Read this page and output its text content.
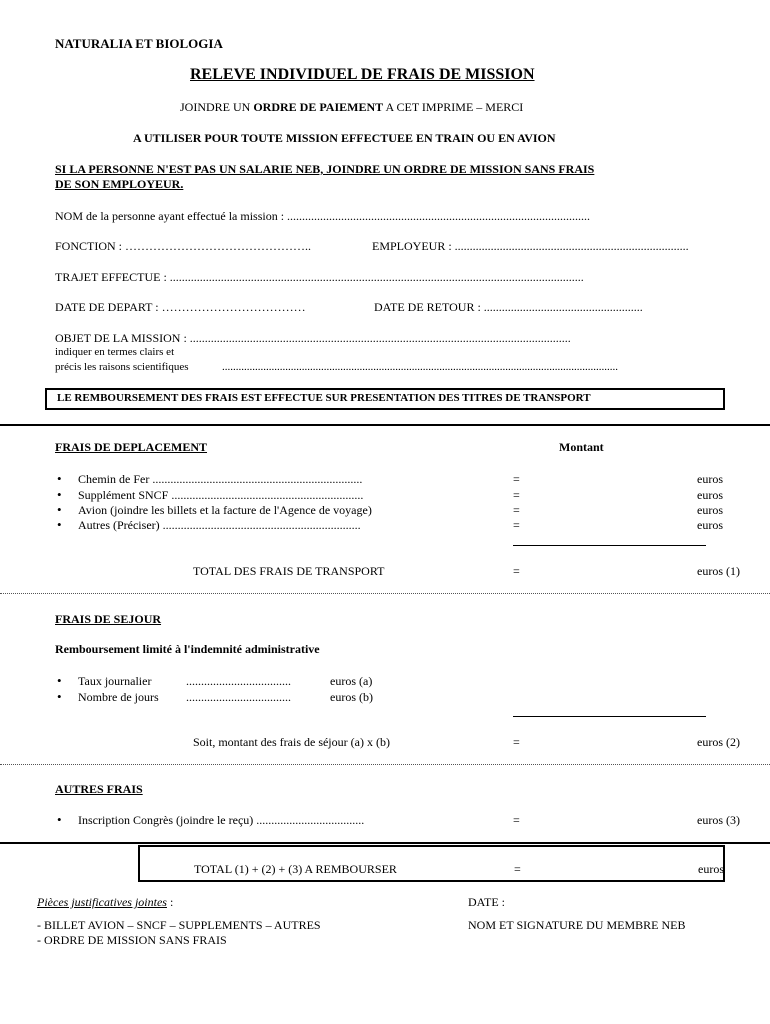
NATURALIA ET BIOLOGIA
RELEVE INDIVIDUEL DE FRAIS DE MISSION
JOINDRE UN ORDRE DE PAIEMENT A CET IMPRIME – MERCI
A UTILISER POUR TOUTE MISSION EFFECTUEE EN TRAIN OU EN AVION
SI LA PERSONNE N'EST PAS UN SALARIE NEB, JOINDRE UN ORDRE DE MISSION SANS FRAIS
DE SON EMPLOYEUR.
NOM de la personne ayant effectué la mission : .....................................................................................................
FONCTION : ………………………………………..	EMPLOYEUR : ..............................................................................
TRAJET EFFECTUE : ..........................................................................................................................................
DATE DE DEPART : ………………………………	DATE DE RETOUR : .....................................................
OBJET DE LA MISSION : ...............................................................................................................................
indiquer en termes clairs et
précis les raisons scientifiques	................................................................................................................................................
LE REMBOURSEMENT DES FRAIS EST EFFECTUE SUR PRESENTATION DES TITRES DE TRANSPORT
FRAIS DE DEPLACEMENT	Montant
• Chemin de Fer ......................................................................	=	euros
• Supplément SNCF ................................................................	=	euros
• Avion (joindre les billets et la facture de l'Agence de voyage)	=	euros
• Autres (Préciser) ..................................................................	=	euros
TOTAL DES FRAIS DE TRANSPORT	=	euros (1)
FRAIS DE SEJOUR
Remboursement limité à l'indemnité administrative
• Taux journalier	...................................	euros (a)
• Nombre de jours ...................................	euros (b)
Soit, montant des frais de séjour (a) x (b)	=	euros (2)
AUTRES FRAIS
• Inscription Congrès (joindre le reçu) ....................................	=	euros (3)
TOTAL (1) + (2) + (3) A REMBOURSER	=	euros
Pièces justificatives jointes :
- BILLET AVION – SNCF – SUPPLEMENTS – AUTRES
- ORDRE DE MISSION SANS FRAIS
DATE :
NOM ET SIGNATURE DU MEMBRE NEB
